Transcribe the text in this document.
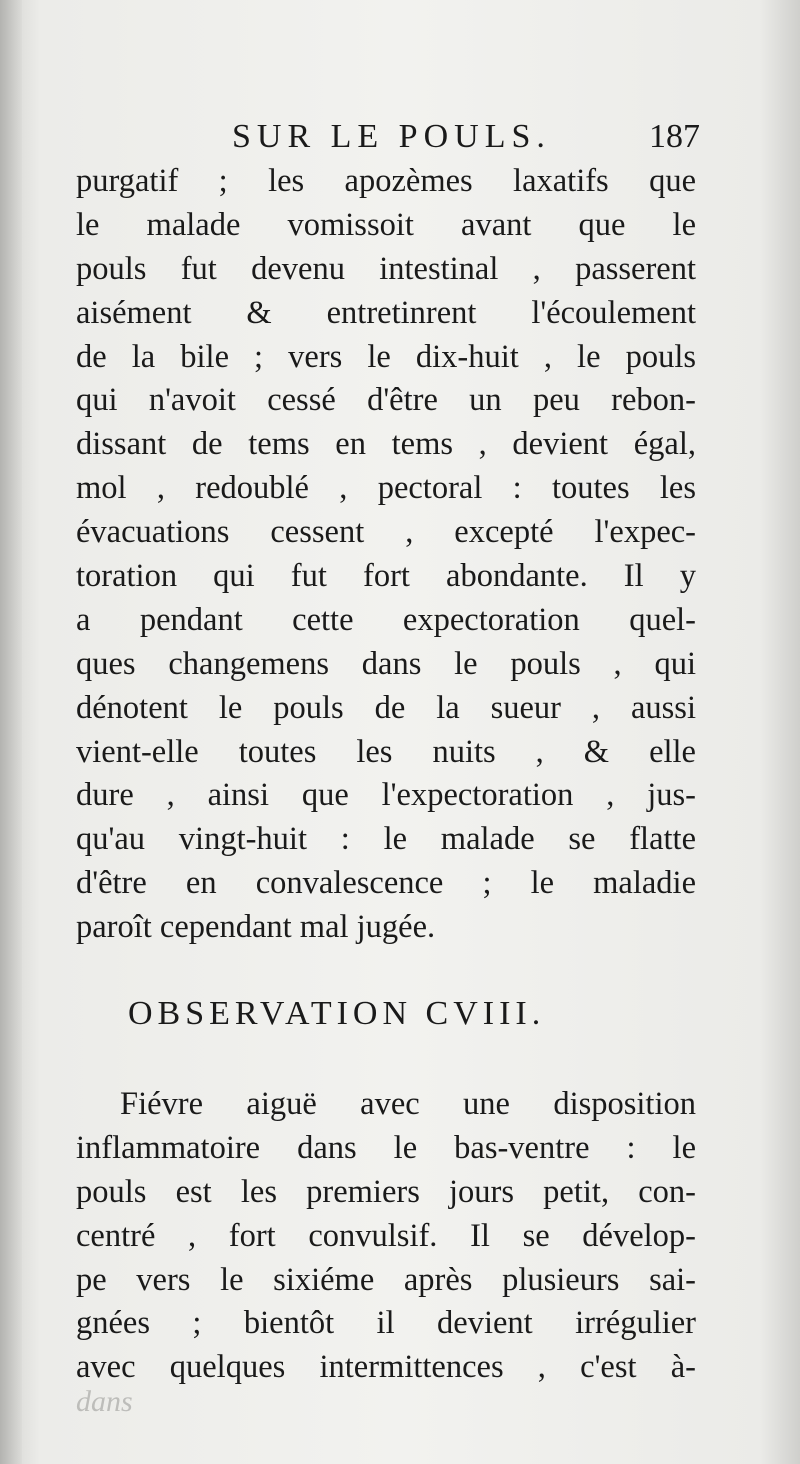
SUR LE POULS.	187
purgatif ; les apozèmes laxatifs que
le malade vomissoit avant que le
pouls fut devenu intestinal , passerent
aisément & entretinrent l'écoulement
de la bile ; vers le dix-huit , le pouls
qui n'avoit cessé d'être un peu rebon-
dissant de tems en tems , devient égal,
mol , redoublé , pectoral : toutes les
évacuations cessent , excepté l'expec-
toration qui fut fort abondante. Il y
a pendant cette expectoration quel-
ques changemens dans le pouls , qui
dénotent le pouls de la sueur , aussi
vient-elle toutes les nuits , & elle
dure , ainsi que l'expectoration , jus-
qu'au vingt-huit : le malade se flatte
d'être en convalescence ; le maladie
paroît cependant mal jugée.
OBSERVATION CVIII.
Fiévre aiguë avec une disposition
inflammatoire dans le bas-ventre : le
pouls est les premiers jours petit, con-
centré , fort convulsif. Il se dévelop-
pe vers le sixiéme après plusieurs sai-
gnées ; bientôt il devient irrégulier
avec quelques intermittences , c'est à-
dans
